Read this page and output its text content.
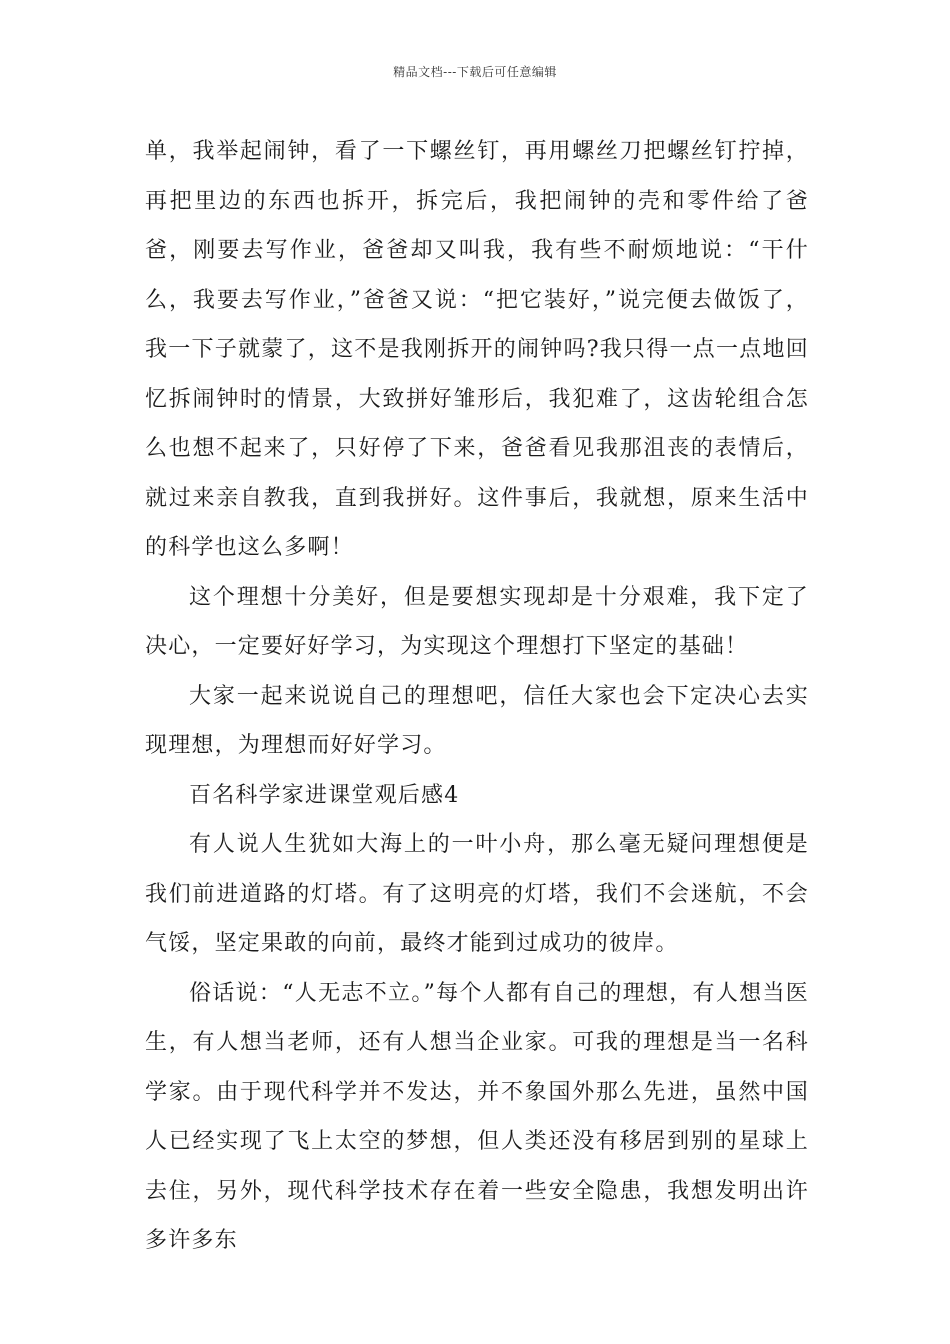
精品文档---下载后可任意编辑

单，我举起闹钟，看了一下螺丝钉，再用螺丝刀把螺丝钉拧掉，再把里边的东西也拆开，拆完后，我把闹钟的壳和零件给了爸爸，刚要去写作业，爸爸却又叫我，我有些不耐烦地说：“干什么，我要去写作业，”爸爸又说：“把它装好，”说完便去做饭了，我一下子就蒙了，这不是我刚拆开的闹钟吗?我只得一点一点地回忆拆闹钟时的情景，大致拼好雏形后，我犯难了，这齿轮组合怎么也想不起来了，只好停了下来，爸爸看见我那沮丧的表情后，就过来亲自教我，直到我拼好。这件事后，我就想，原来生活中的科学也这么多啊！

这个理想十分美好，但是要想实现却是十分艰难，我下定了决心，一定要好好学习，为实现这个理想打下坚定的基础！

大家一起来说说自己的理想吧，信任大家也会下定决心去实现理想，为理想而好好学习。

百名科学家进课堂观后感4

有人说人生犹如大海上的一叶小舟，那么毫无疑问理想便是我们前进道路的灯塔。有了这明亮的灯塔，我们不会迷航，不会气馁，坚定果敢的向前，最终才能到过成功的彼岸。

俗话说：“人无志不立。”每个人都有自己的理想，有人想当医生，有人想当老师，还有人想当企业家。可我的理想是当一名科学家。由于现代科学并不发达，并不象国外那么先进，虽然中国人已经实现了飞上太空的梦想，但人类还没有移居到别的星球上去住，另外，现代科学技术存在着一些安全隐患，我想发明出许多许多东
